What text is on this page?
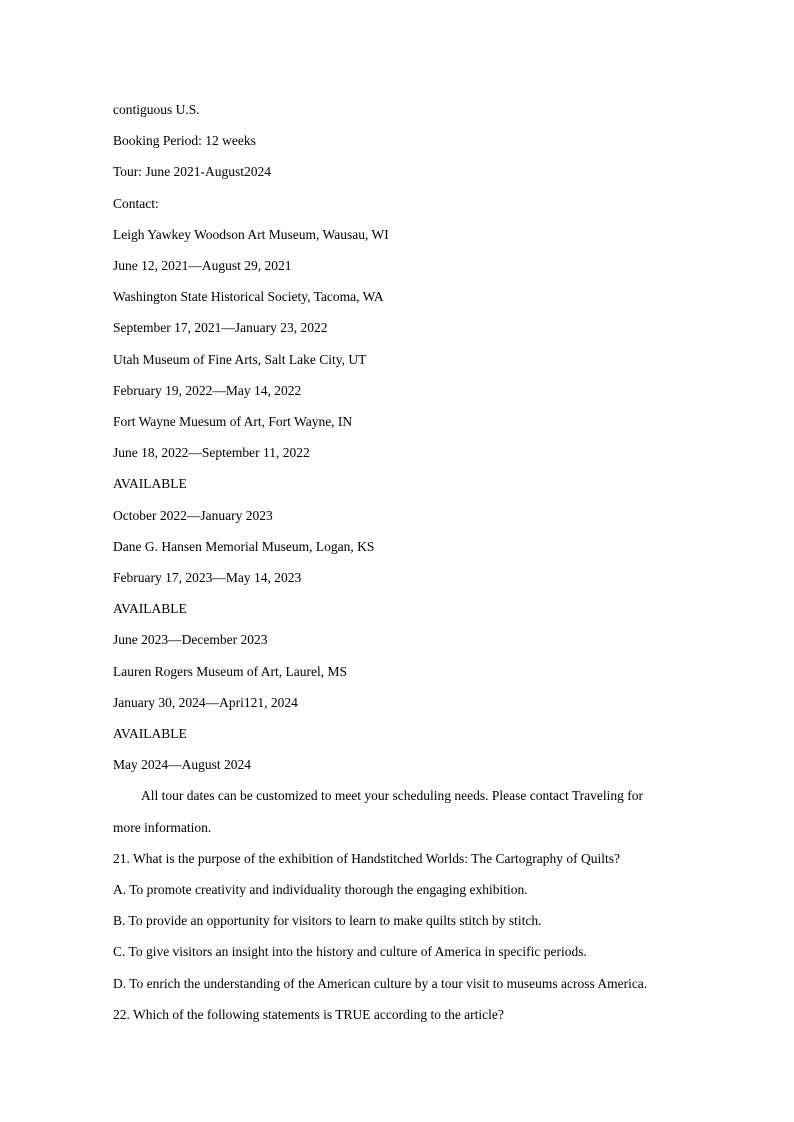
contiguous U.S.
Booking Period: 12 weeks
Tour: June 2021-August2024
Contact:
Leigh Yawkey Woodson Art Museum, Wausau, WI
June 12, 2021—August 29, 2021
Washington State Historical Society, Tacoma, WA
September 17, 2021—January 23, 2022
Utah Museum of Fine Arts, Salt Lake City, UT
February 19, 2022—May 14, 2022
Fort Wayne Muesum of Art, Fort Wayne, IN
June 18, 2022—September 11, 2022
AVAILABLE
October 2022—January 2023
Dane G. Hansen Memorial Museum, Logan, KS
February 17, 2023—May 14, 2023
AVAILABLE
June 2023—December 2023
Lauren Rogers Museum of Art, Laurel, MS
January 30, 2024—Apri121, 2024
AVAILABLE
May 2024—August 2024
All tour dates can be customized to meet your scheduling needs. Please contact Traveling for
more information.
21. What is the purpose of the exhibition of Handstitched Worlds: The Cartography of Quilts?
A. To promote creativity and individuality thorough the engaging exhibition.
B. To provide an opportunity for visitors to learn to make quilts stitch by stitch.
C. To give visitors an insight into the history and culture of America in specific periods.
D. To enrich the understanding of the American culture by a tour visit to museums across America.
22. Which of the following statements is TRUE according to the article?
